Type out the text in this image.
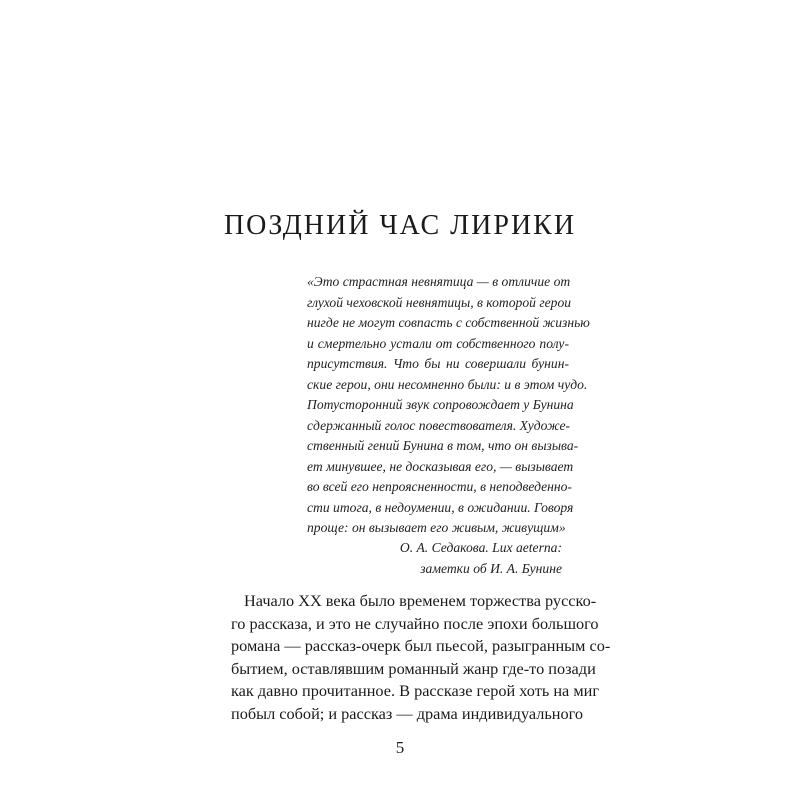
ПОЗДНИЙ ЧАС ЛИРИКИ
«Это страстная невнятица — в отличие от
глухой чеховской невнятицы, в которой герои
нигде не могут совпасть с собственной жизнью
и смертельно устали от собственного полу-
присутствия. Что бы ни совершали бунин-
ские герои, они несомненно были: и в этом чудо.
Потусторонний звук сопровождает у Бунина
сдержанный голос повествователя. Художе-
ственный гений Бунина в том, что он вызыва-
ет минувшее, не досказывая его, — вызывает
во всей его непроясненности, в неподведенно-
сти итога, в недоумении, в ожидании. Говоря
проще: он вызывает его живым, живущим»
О. А. Седакова. Lux aeterna:
заметки об И. А. Бунине
Начало XX века было временем торжества русско-
го рассказа, и это не случайно после эпохи большого
романа — рассказ-очерк был пьесой, разыгранным со-
бытием, оставлявшим романный жанр где-то позади
как давно прочитанное. В рассказе герой хоть на миг
побыл собой; и рассказ — драма индивидуального
5
